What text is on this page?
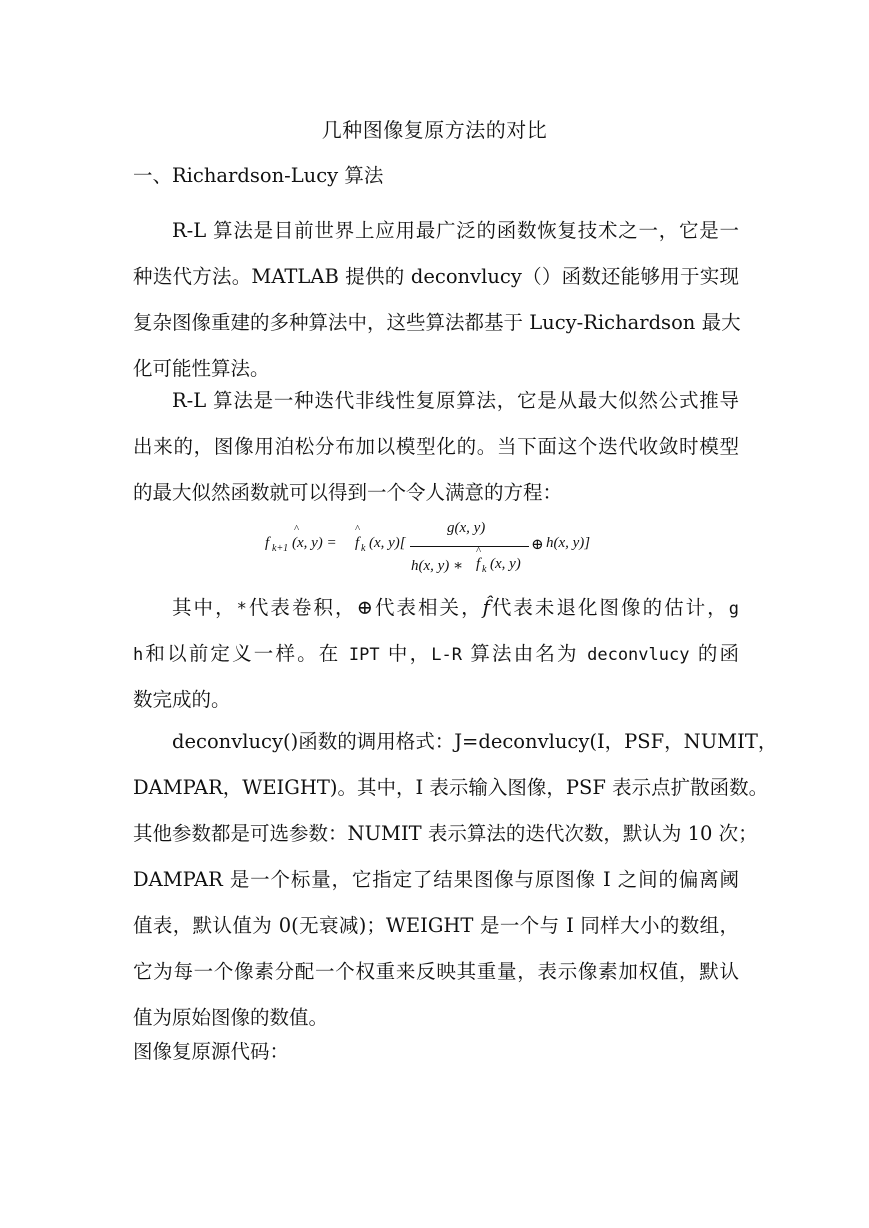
几种图像复原方法的对比
一、Richardson-Lucy 算法
R-L 算法是目前世界上应用最广泛的函数恢复技术之一，它是一
种迭代方法。MATLAB 提供的 deconvlucy（）函数还能够用于实现
复杂图像重建的多种算法中，这些算法都基于 Lucy-Richardson 最大
化可能性算法。
R-L 算法是一种迭代非线性复原算法，它是从最大似然公式推导
出来的，图像用泊松分布加以模型化的。当下面这个迭代收敛时模型
的最大似然函数就可以得到一个令人满意的方程：
f k+1
^
(x, y) =
^
f k (x, y)[
g(x, y)
⊕ h(x, y)]
h(x, y) ∗
^
f k (x, y)
其中，*代表卷积，⊕代表相关，f̂代表未退化图像的估计，g
h和以前定义一样。在 IPT 中，L-R 算法由名为 deconvlucy 的函
数完成的。
deconvlucy()函数的调用格式：J=deconvlucy(I，PSF，NUMIT，
DAMPAR，WEIGHT)。其中，I 表示输入图像，PSF 表示点扩散函数。
其他参数都是可选参数：NUMIT 表示算法的迭代次数，默认为 10 次；
DAMPAR 是一个标量，它指定了结果图像与原图像 I 之间的偏离阈
值表，默认值为 0(无衰减)；WEIGHT 是一个与 I 同样大小的数组，
它为每一个像素分配一个权重来反映其重量，表示像素加权值，默认
值为原始图像的数值。
图像复原源代码：
